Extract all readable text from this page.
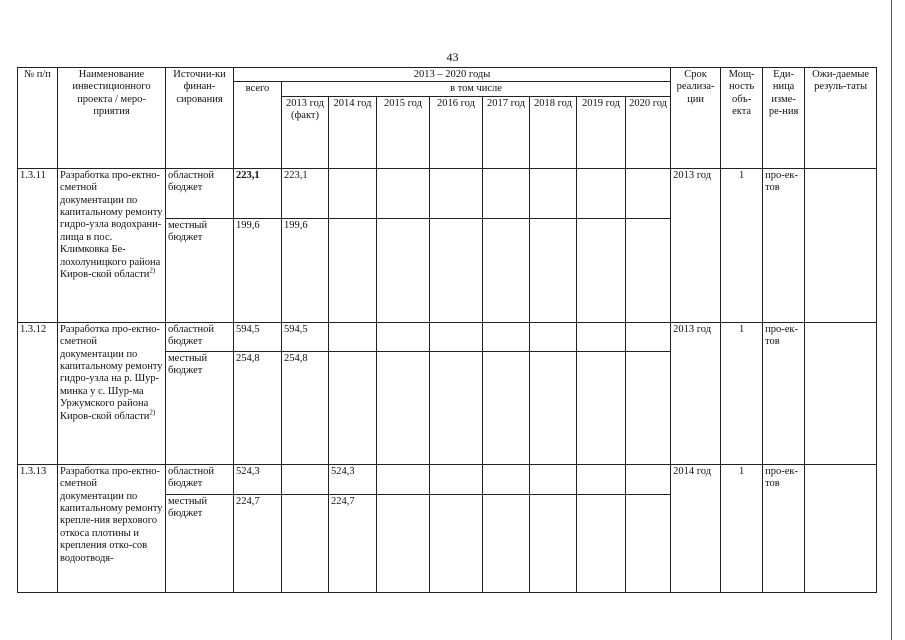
43
№ п/п	Наименование инвестиционного проекта / меро-приятия	Источни-ки финан-сирования	2013 – 2020 годы									Срок реализа-ции	Мощ-ность объ-екта	Еди-ница изме-ре-ния	Ожи-даемые резуль-таты
			всего	в том числе											
				2013 год (факт)	2014 год	2015 год	2016 год	2017 год	2018 год	2019 год	2020 год				
1.3.11	Разработка про-ектно-сметной документации по капитальному ремонту гидро-узла водохрани-лища в пос. Климковка Бе-лохолуницкого района Киров-ской области$^{2)}$	областной бюджет	223,1	223,1								2013 год	1	про-ек-тов	
		местный бюджет	199,6	199,6											
1.3.12	Разработка про-ектно-сметной документации по капитальному ремонту гидро-узла на р. Шур-минка у с. Шур-ма Уржумского района Киров-ской области$^{2)}$	областной бюджет	594,5	594,5								2013 год	1	про-ек-тов	
		местный бюджет	254,8	254,8											
1.3.13	Разработка про-ектно-сметной документации по капитальному ремонту крепле-ния верхового откоса плотины и крепления отко-сов водоотводя-	областной бюджет	524,3		524,3							2014 год	1	про-ек-тов	
		местный бюджет	224,7		224,7										
